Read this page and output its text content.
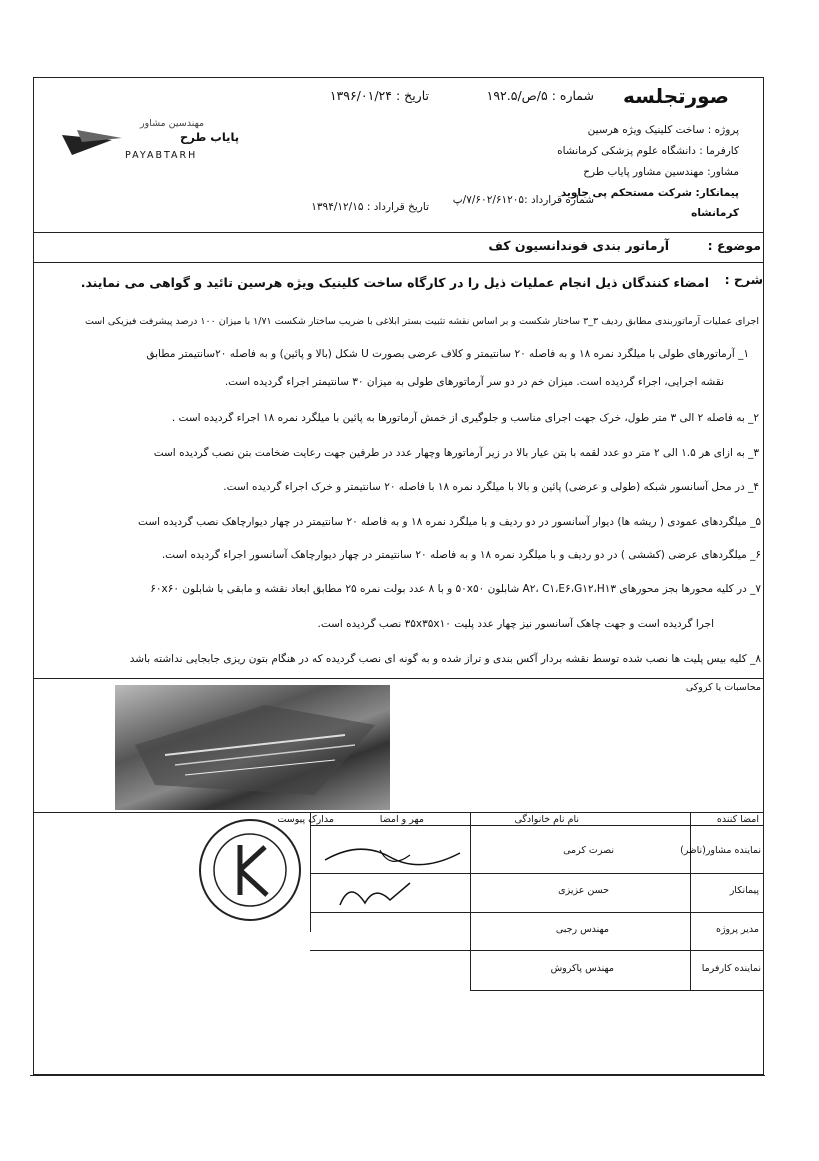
صورتجلسه
شماره : ۵/ص/۱۹۲.۵
تاریخ : ۱۳۹۶/۰۱/۲۴
مهندسین مشاور
پایاب طرح
PAYABTARH
پروژه : ساخت کلینیک ویژه هرسین
کارفرما : دانشگاه علوم پزشکی کرمانشاه
مشاور: مهندسین مشاور پایاب طرح
پیمانکار: شرکت مستحکم پی جاوید
شماره قرارداد :۷/۶۰۲/۶۱۲۰۵/پ
تاریخ قرارداد : ۱۳۹۴/۱۲/۱۵	کرمانشاه
موضوع :
آرماتور بندی فوندانسیون کف
شرح :
امضاء کنندگان ذیل انجام عملیات ذیل را در کارگاه ساخت کلینیک ویژه هرسین تائید و گواهی می نمایند.
اجرای عملیات آرماتوربندی مطابق ردیف ۳_۳ ساختار شکست و بر اساس نقشه تثبیت بستر ابلاغی با ضریب ساختار شکست ۱/۷۱ با میزان ۱۰۰ درصد پیشرفت فیزیکی است
۱_ آرماتورهای طولی با میلگرد نمره ۱۸ و به فاصله ۲۰ سانتیمتر و کلاف عرضی بصورت U شکل (بالا و پائین) و به فاصله ۲۰سانتیمتر مطابق
نقشه اجرایی، اجراء گردیده است. میزان خم در دو سر آرماتورهای طولی به میزان ۳۰ سانتیمتر اجراء گردیده است.
۲_ به فاصله ۲ الی ۳ متر طول، خرک جهت اجرای مناسب و جلوگیری از خمش آرماتورها به پائین با میلگرد نمره ۱۸ اجراء گردیده است .
۳_ به ازای هر ۱.۵ الی ۲ متر دو عدد لقمه با بتن عیار بالا در زیر آرماتورها وچهار عدد در طرفین جهت رعایت ضخامت بتن نصب گردیده است
۴_ در محل آسانسور شبکه (طولی و عرضی) پائین و بالا با میلگرد نمره ۱۸ با فاصله ۲۰ سانتیمتر و خرک اجراء گردیده است.
۵_ میلگردهای عمودی ( ریشه ها) دیوار آسانسور در دو ردیف و با میلگرد نمره ۱۸ و به فاصله ۲۰ سانتیمتر در چهار دیوارچاهک نصب گردیده است
۶_ میلگردهای عرضی (کششی ) در دو ردیف و با میلگرد نمره ۱۸ و به فاصله ۲۰ سانتیمتر در چهار دیوارچاهک آسانسور اجراء گردیده است.
۷_ در کلیه محورها بجز محورهای A۲، C۱،E۶،G۱۲،H۱۳ شابلون ۵۰x۵۰ و با ۸ عدد بولت نمره ۲۵ مطابق ابعاد نقشه و مابقی با شابلون ۶۰x۶۰
اجرا گردیده است و جهت چاهک آسانسور نیز چهار عدد پلیت ۳۵x۳۵x۱۰ نصب گردیده است.
۸_ کلیه بیس پلیت ها نصب شده توسط نقشه بردار آکس بندی و تراز شده و به گونه ای نصب گردیده که در هنگام بتون ریزی جابجایی نداشته باشد
محاسبات یا کروکی
امضا کننده
نام نام خانوادگی
مهر و امضا
مدارک پیوست
نماینده مشاور(ناظر)
نصرت کرمی
پیمانکار
حسن عزیزی
مدیر پروژه
مهندس رجبی
نماینده کارفرما
مهندس پاکروش
